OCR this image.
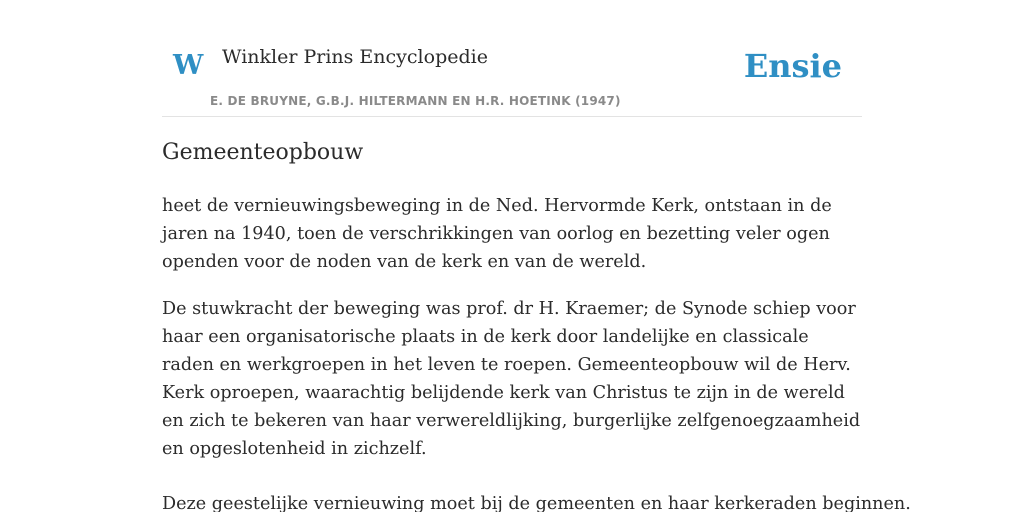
W Winkler Prins Encyclopedie
E. DE BRUYNE, G.B.J. HILTERMANN EN H.R. HOETINK (1947)
Ensie
Gemeenteopbouw

heet de vernieuwingsbeweging in de Ned. Hervormde Kerk, ontstaan in de jaren na 1940, toen de verschrikkingen van oorlog en bezetting veler ogen openden voor de noden van de kerk en van de wereld.

De stuwkracht der beweging was prof. dr H. Kraemer; de Synode schiep voor haar een organisatorische plaats in de kerk door landelijke en classicale raden en werkgroepen in het leven te roepen. Gemeenteopbouw wil de Herv. Kerk oproepen, waarachtig belijdende kerk van Christus te zijn in de wereld en zich te bekeren van haar verwereldlijking, burgerlijke zelfgenoegzaamheid en opgeslotenheid in zichzelf.

Deze geestelijke vernieuwing moet bij de gemeenten en haar kerkeraden beginnen.
